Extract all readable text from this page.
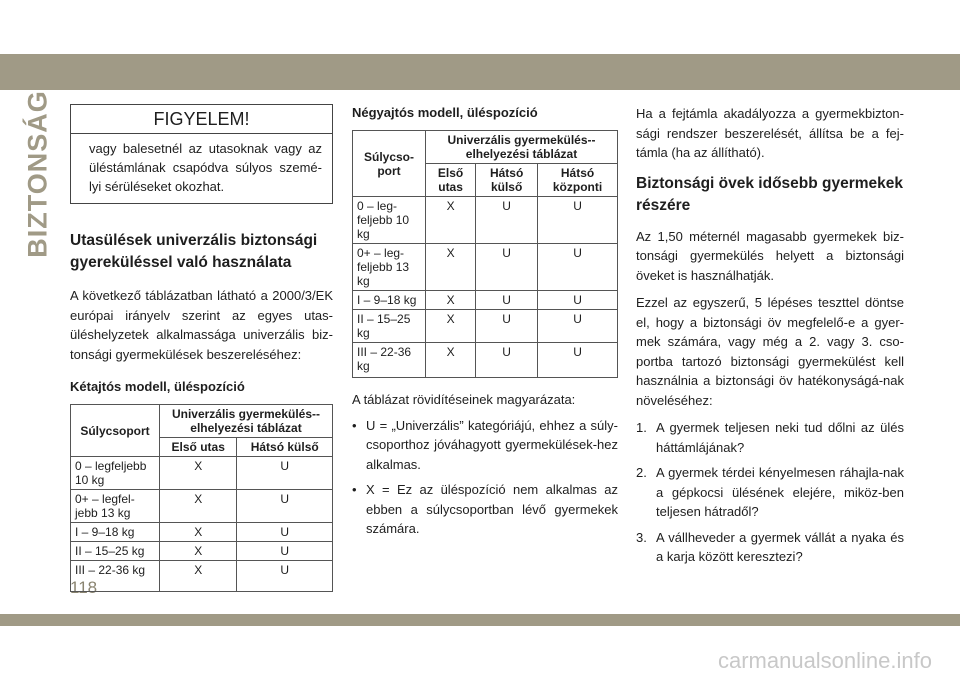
carmanualsonline.info
BIZTONSÁG
118
FIGYELEM!
vagy balesetnél az utasoknak vagy az üléstámlának csapódva súlyos szemé-lyi sérüléseket okozhat.
Utasülések univerzális biztonsági gyereküléssel való használata

A következő táblázatban látható a 2000/3/EK európai irányelv szerint az egyes utas-üléshelyzetek alkalmassága univerzális biz-tonsági gyermekülések beszereléséhez:

Kétajtós modell, üléspozíció
Súlycsoport	Univerzális gyermekülés--elhelyezési táblázat	
	Első utas	Hátsó külső
0 – legfeljebb 10 kg	X	U
0+ – legfel-jebb 13 kg	X	U
I – 9–18 kg	X	U
II – 15–25 kg	X	U
III – 22-36 kg	X	U
Négyajtós modell, üléspozíció
Súlycso-port	Univerzális gyermekülés--elhelyezési táblázat		
	Első utas	Hátsó külső	Hátsó központi
0 – leg-feljebb 10 kg	X	U	U
0+ – leg-feljebb 13 kg	X	U	U
I – 9–18 kg	X	U	U
II – 15–25 kg	X	U	U
III – 22-36 kg	X	U	U

A táblázat rövidítéseinek magyarázata:

• U = „Univerzális” kategóriájú, ehhez a súly-csoporthoz jóváhagyott gyermekülések-hez alkalmas.
• X = Ez az üléspozíció nem alkalmas az ebben a súlycsoportban lévő gyermekek számára.

Ha a fejtámla akadályozza a gyermekbizton-sági rendszer beszerelését, állítsa be a fej-támla (ha az állítható).

Biztonsági övek idősebb gyermekek részére

Az 1,50 méternél magasabb gyermekek biz-tonsági gyermekülés helyett a biztonsági öveket is használhatják.

Ezzel az egyszerű, 5 lépéses teszttel döntse el, hogy a biztonsági öv megfelelő-e a gyer-mek számára, vagy még a 2. vagy 3. cso-portba tartozó biztonsági gyermekülést kell használnia a biztonsági öv hatékonyságá-nak növeléséhez:

1. A gyermek teljesen neki tud dőlni az ülés háttámlájának?
2. A gyermek térdei kényelmesen ráhajla-nak a gépkocsi ülésének elejére, miköz-ben teljesen hátradől?
3. A vállheveder a gyermek vállát a nyaka és a karja között keresztezi?
